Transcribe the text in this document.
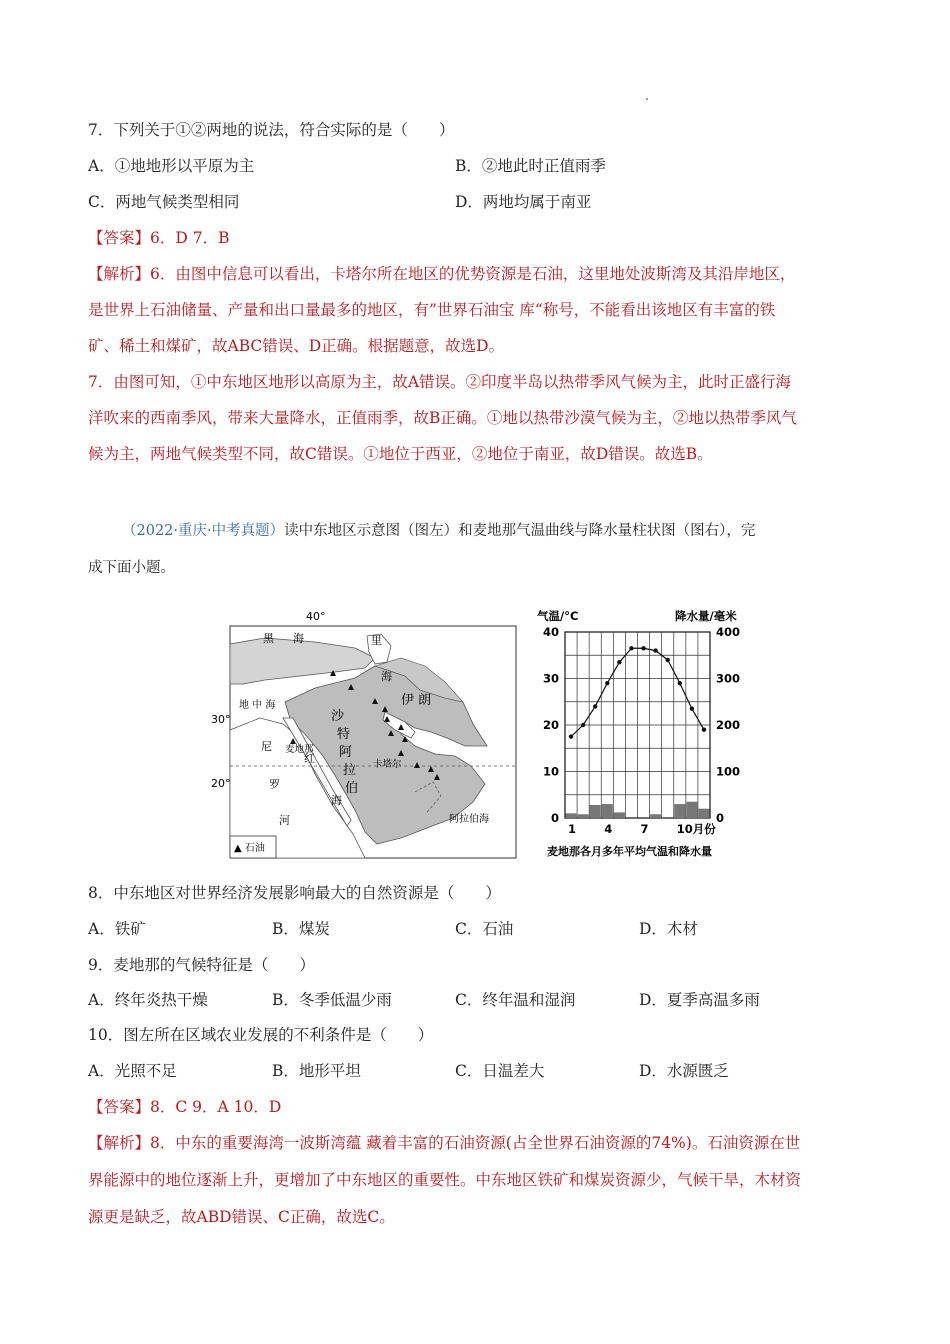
7．下列关于①②两地的说法，符合实际的是（　　）
A．①地地形以平原为主	B．②地此时正值雨季
C．两地气候类型相同	D．两地均属于南亚
【答案】6．D 7．B
【解析】6．由图中信息可以看出，卡塔尔所在地区的优势资源是石油，这里地处波斯湾及其沿岸地区，
是世界上石油储量、产量和出口量最多的地区，有”世界石油宝 库“称号，不能看出该地区有丰富的铁
矿、稀土和煤矿，故ABC错误、D正确。根据题意，故选D。
7．由图可知，①中东地区地形以高原为主，故A错误。②印度半岛以热带季风气候为主，此时正盛行海
洋吹来的西南季风，带来大量降水，正值雨季，故B正确。①地以热带沙漠气候为主，②地以热带季风气
候为主，两地气候类型不同，故C错误。①地位于西亚，②地位于南亚，故D错误。故选B。
（2022·重庆·中考真题）读中东地区示意图（图左）和麦地那气温曲线与降水量柱状图（图右），完
成下面小题。
40°
30°
20°
黑 海	里
海
地 中 海
阿拉伯海
尼
罗
河
红
海
伊 朗
沙
特
阿
拉
伯
麦地那
卡塔尔
▲ 石油
气温/°C	降水量/毫米
0
10
20
30
40
0
100
200
300
400
1 4 7 10月份
麦地那各月多年平均气温和降水量
8．中东地区对世界经济发展影响最大的自然资源是（　　）
A．铁矿	B．煤炭	C．石油	D．木材
9．麦地那的气候特征是（　　）
A．终年炎热干燥	B．冬季低温少雨	C．终年温和湿润	D．夏季高温多雨
10．图左所在区域农业发展的不利条件是（　　）
A．光照不足	B．地形平坦	C．日温差大	D．水源匮乏
【答案】8．C 9．A 10．D
【解析】8．中东的重要海湾一波斯湾蕴 藏着丰富的石油资源(占全世界石油资源的74%)。石油资源在世
界能源中的地位逐渐上升，更增加了中东地区的重要性。中东地区铁矿和煤炭资源少，气候干旱，木材资
源更是缺乏，故ABD错误、C正确，故选C。
